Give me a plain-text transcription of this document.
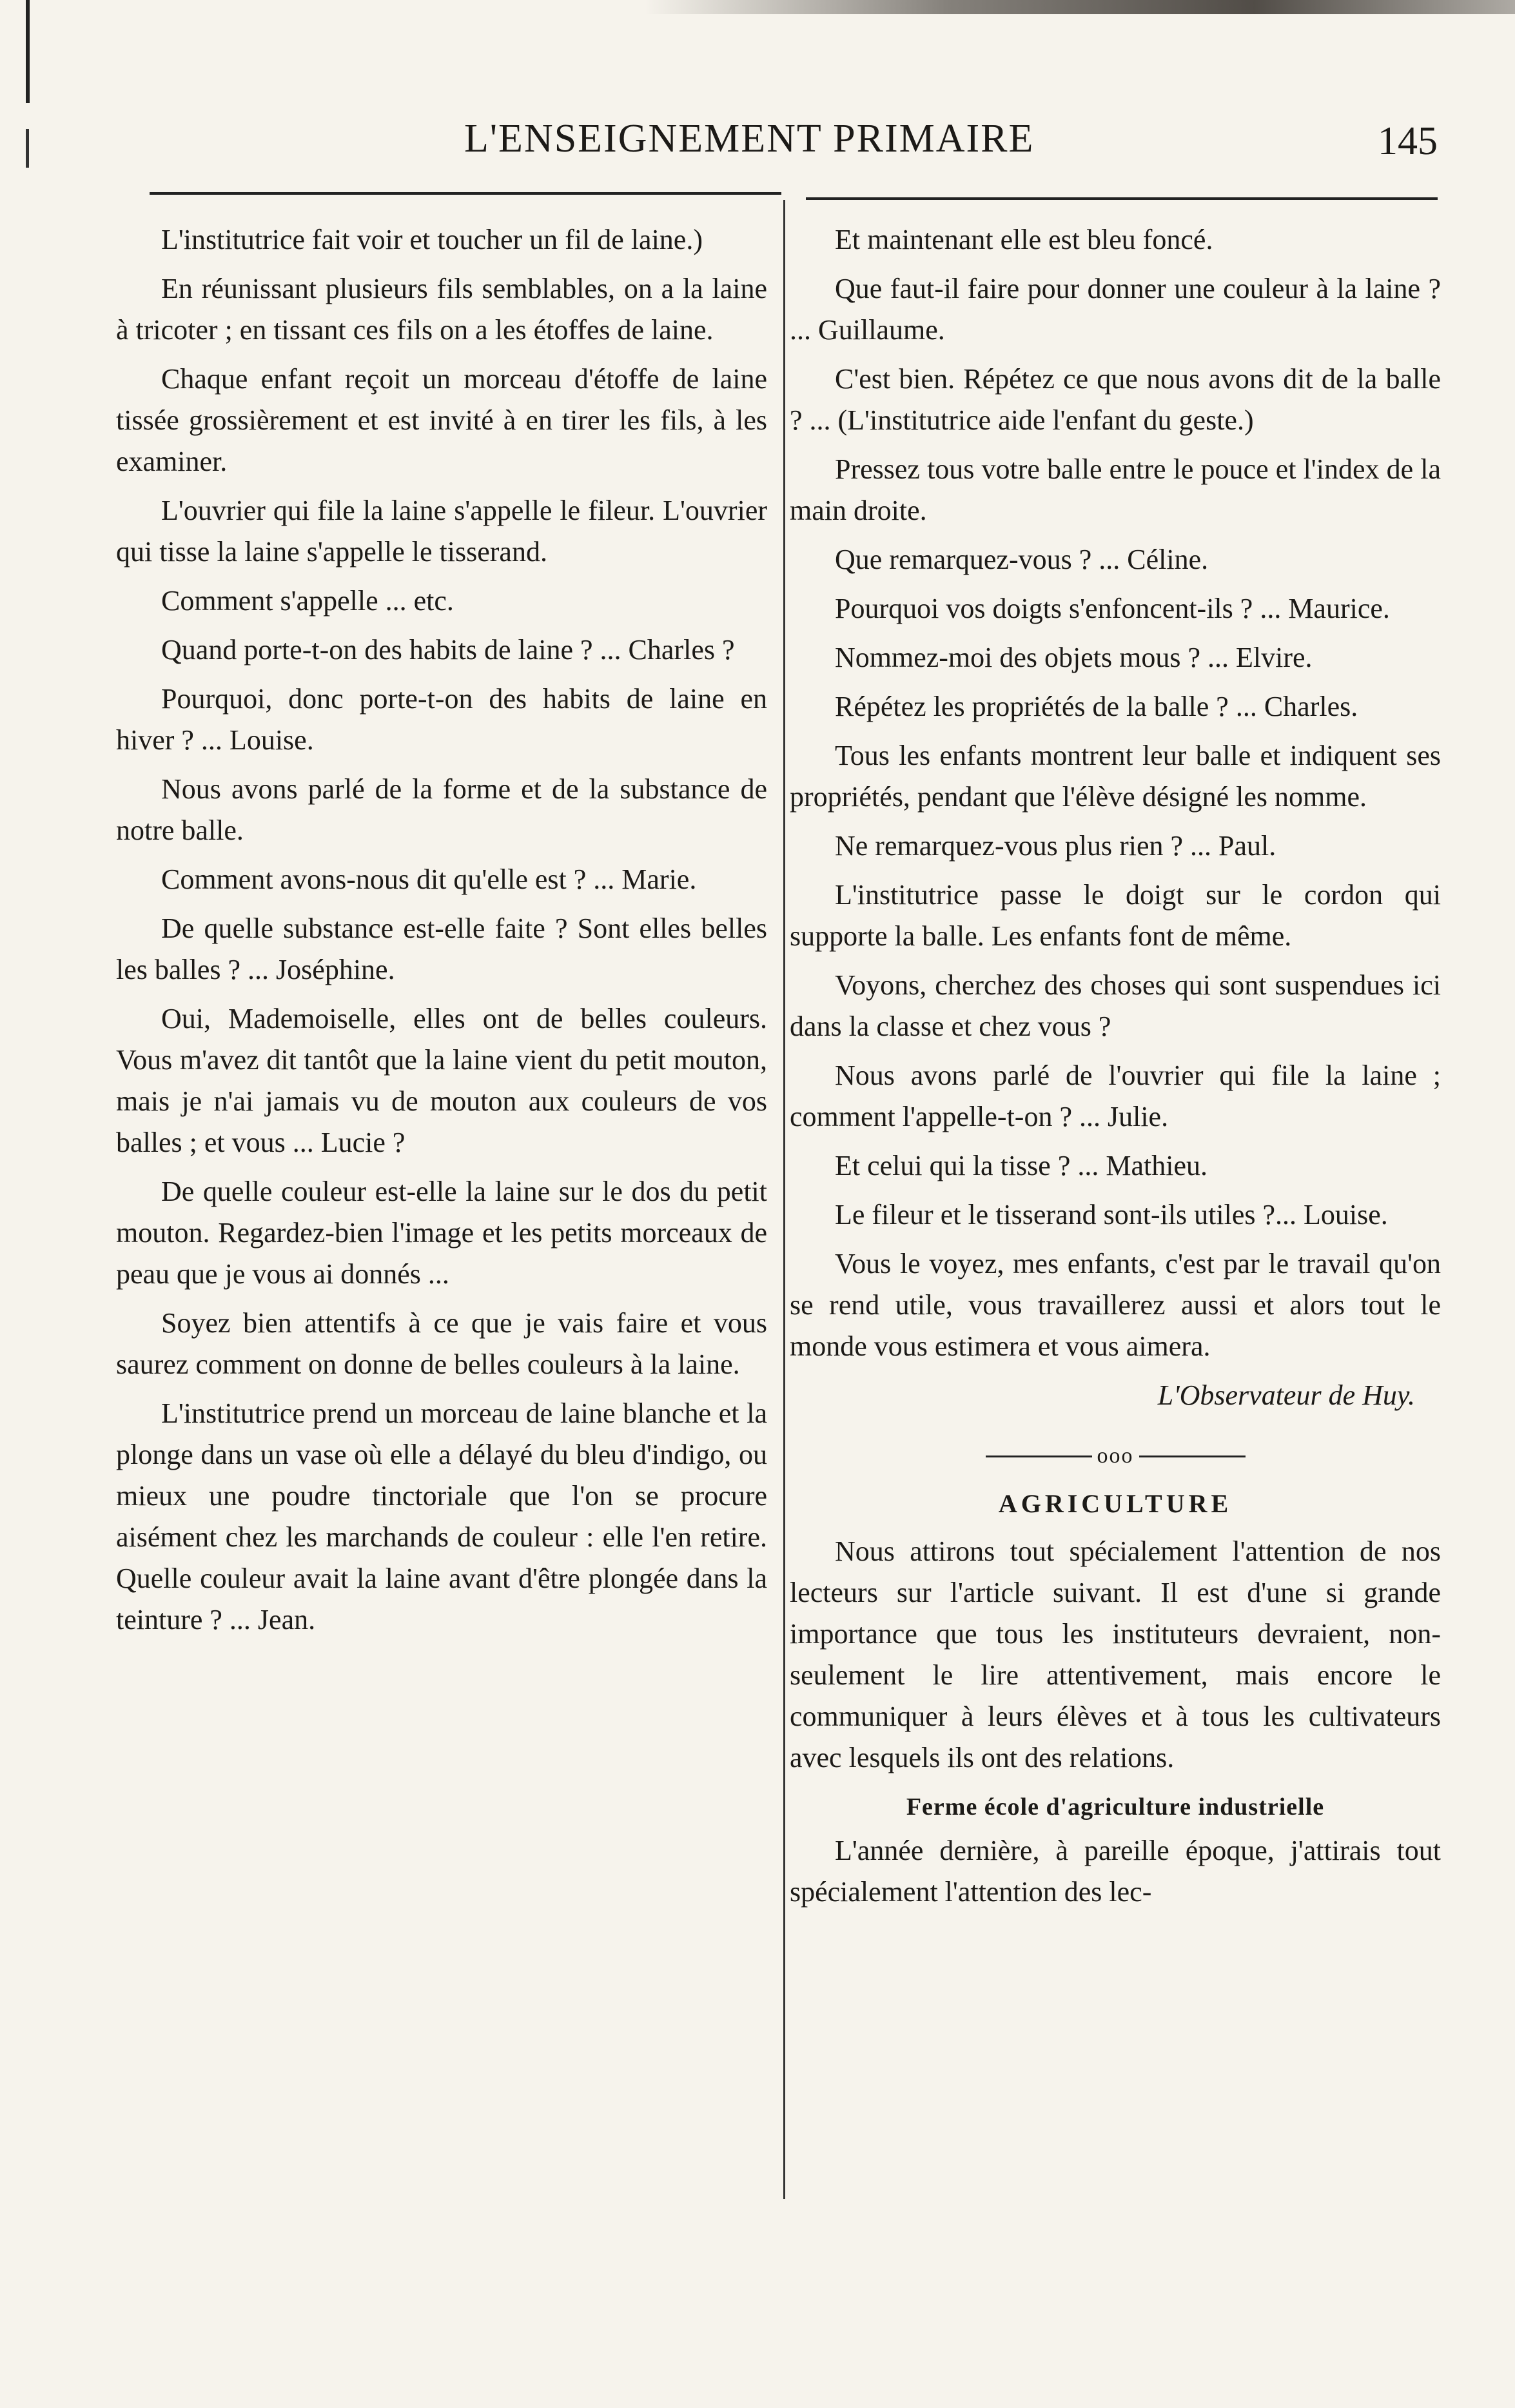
L'ENSEIGNEMENT PRIMAIRE	145

L'institutrice fait voir et toucher un fil de laine.)

En réunissant plusieurs fils semblables, on a la laine à tricoter ; en tissant ces fils on a les étoffes de laine.

Chaque enfant reçoit un morceau d'étoffe de laine tissée grossièrement et est invité à en tirer les fils, à les examiner.

L'ouvrier qui file la laine s'appelle le fileur. L'ouvrier qui tisse la laine s'appelle le tisserand.

Comment s'appelle ... etc.

Quand porte-t-on des habits de laine ? ... Charles ?

Pourquoi, donc porte-t-on des habits de laine en hiver ? ... Louise.

Nous avons parlé de la forme et de la substance de notre balle.

Comment avons-nous dit qu'elle est ? ... Marie.

De quelle substance est-elle faite ? Sont elles belles les balles ? ... Joséphine.

Oui, Mademoiselle, elles ont de belles couleurs. Vous m'avez dit tantôt que la laine vient du petit mouton, mais je n'ai jamais vu de mouton aux couleurs de vos balles ; et vous ... Lucie ?

De quelle couleur est-elle la laine sur le dos du petit mouton. Regardez-bien l'image et les petits morceaux de peau que je vous ai donnés ...

Soyez bien attentifs à ce que je vais faire et vous saurez comment on donne de belles couleurs à la laine.

L'institutrice prend un morceau de laine blanche et la plonge dans un vase où elle a délayé du bleu d'indigo, ou mieux une poudre tinctoriale que l'on se procure aisément chez les marchands de couleur : elle l'en retire. Quelle couleur avait la laine avant d'être plongée dans la teinture ? ... Jean.

Et maintenant elle est bleu foncé.

Que faut-il faire pour donner une couleur à la laine ? ... Guillaume.

C'est bien. Répétez ce que nous avons dit de la balle ? ... (L'institutrice aide l'enfant du geste.)

Pressez tous votre balle entre le pouce et l'index de la main droite.

Que remarquez-vous ? ... Céline.

Pourquoi vos doigts s'enfoncent-ils ? ... Maurice.

Nommez-moi des objets mous ? ... Elvire.

Répétez les propriétés de la balle ? ... Charles.

Tous les enfants montrent leur balle et indiquent ses propriétés, pendant que l'élève désigné les nomme.

Ne remarquez-vous plus rien ? ... Paul.

L'institutrice passe le doigt sur le cordon qui supporte la balle. Les enfants font de même.

Voyons, cherchez des choses qui sont suspendues ici dans la classe et chez vous ?

Nous avons parlé de l'ouvrier qui file la laine ; comment l'appelle-t-on ? ... Julie.

Et celui qui la tisse ? ... Mathieu.

Le fileur et le tisserand sont-ils utiles ?... Louise.

Vous le voyez, mes enfants, c'est par le travail qu'on se rend utile, vous travaillerez aussi et alors tout le monde vous estimera et vous aimera.

L'Observateur de Huy.
ooo
AGRICULTURE

Nous attirons tout spécialement l'attention de nos lecteurs sur l'article suivant. Il est d'une si grande importance que tous les instituteurs devraient, non-seulement le lire attentivement, mais encore le communiquer à leurs élèves et à tous les cultivateurs avec lesquels ils ont des relations.

Ferme école d'agriculture industrielle

L'année dernière, à pareille époque, j'attirais tout spécialement l'attention des lec-
